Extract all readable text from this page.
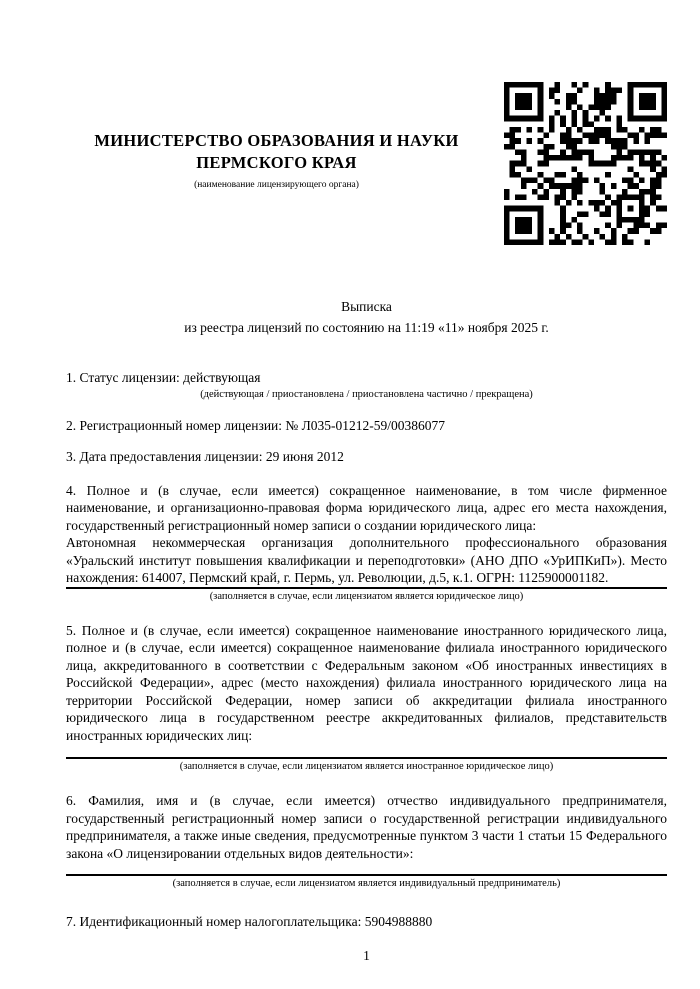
МИНИСТЕРСТВО ОБРАЗОВАНИЯ И НАУКИ
ПЕРМСКОГО КРАЯ
(наименование лицензирующего органа)

Выписка

из реестра лицензий по состоянию на 11:19 «11» ноября 2025 г.

1. Статус лицензии: действующая

(действующая / приостановлена / приостановлена частично / прекращена)

2. Регистрационный номер лицензии: № Л035-01212-59/00386077

3. Дата предоставления лицензии: 29 июня 2012

4. Полное и (в случае, если имеется) сокращенное наименование, в том числе фирменное наименование, и организационно-правовая форма юридического лица, адрес его места нахождения, государственный регистрационный номер записи о создании юридического лица:

Автономная некоммерческая организация дополнительного профессионального образования «Уральский институт повышения квалификации и переподготовки» (АНО ДПО «УрИПКиП»). Место нахождения: 614007, Пермский край, г. Пермь, ул. Революции, д.5, к.1. ОГРН: 1125900001182.

(заполняется в случае, если лицензиатом является юридическое лицо)

5. Полное и (в случае, если имеется) сокращенное наименование иностранного юридического лица, полное и (в случае, если имеется) сокращенное наименование филиала иностранного юридического лица, аккредитованного в соответствии с Федеральным законом «Об иностранных инвестициях в Российской Федерации», адрес (место нахождения) филиала иностранного юридического лица на территории Российской Федерации, номер записи об аккредитации филиала иностранного юридического лица в государственном реестре аккредитованных филиалов, представительств иностранных юридических лиц:

(заполняется в случае, если лицензиатом является иностранное юридическое лицо)

6. Фамилия, имя и (в случае, если имеется) отчество индивидуального предпринимателя, государственный регистрационный номер записи о государственной регистрации индивидуального предпринимателя, а также иные сведения, предусмотренные пунктом 3 части 1 статьи 15 Федерального закона «О лицензировании отдельных видов деятельности»:

(заполняется в случае, если лицензиатом является индивидуальный предприниматель)

7. Идентификационный номер налогоплательщика: 5904988880

1
